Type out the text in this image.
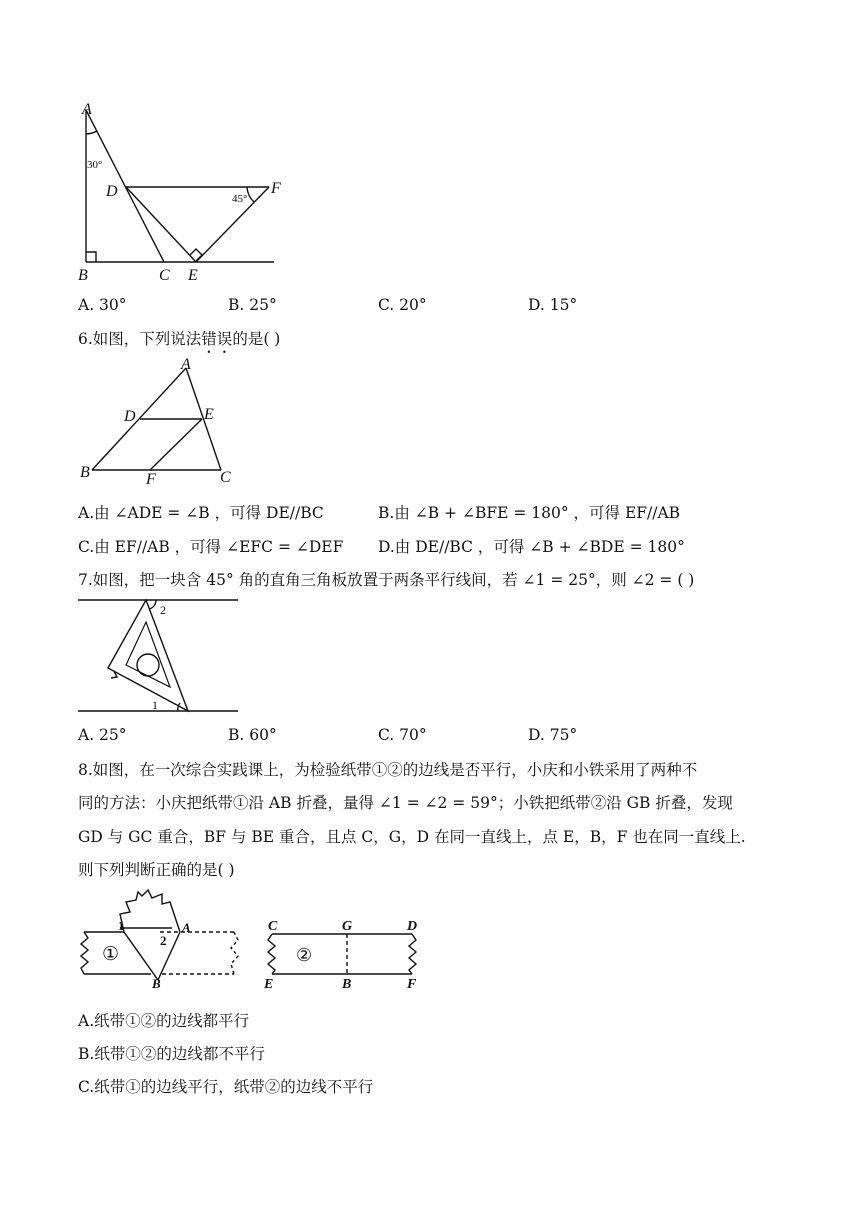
A
D	F
B	C E
30°
45°
A. 30°	B. 25°	C. 20°	D. 15°
6.如图，下列说法错误的是( )
A
D	E
B	F	C
A.由 ∠ADE = ∠B ，可得 DE//BC	B.由 ∠B + ∠BFE = 180° ，可得 EF//AB
C.由 EF//AB ，可得 ∠EFC = ∠DEF D.由 DE//BC ，可得 ∠B + ∠BDE = 180°
7.如图，把一块含 45° 角的直角三角板放置于两条平行线间，若 ∠1 = 25°，则 ∠2 = ( )
2
1
A. 25°	B. 60°	C. 70°	D. 75°
8.如图，在一次综合实践课上，为检验纸带①②的边线是否平行，小庆和小铁采用了两种不
同的方法：小庆把纸带①沿 AB 折叠，量得 ∠1 = ∠2 = 59°；小铁把纸带②沿 GB 折叠，发现
GD 与 GC 重合，BF 与 BE 重合，且点 C，G，D 在同一直线上，点 E，B，F 也在同一直线上.
则下列判断正确的是( )
1
2
A
B
①
C	G	D
E	B	F
②
A.纸带①②的边线都平行
B.纸带①②的边线都不平行
C.纸带①的边线平行，纸带②的边线不平行
